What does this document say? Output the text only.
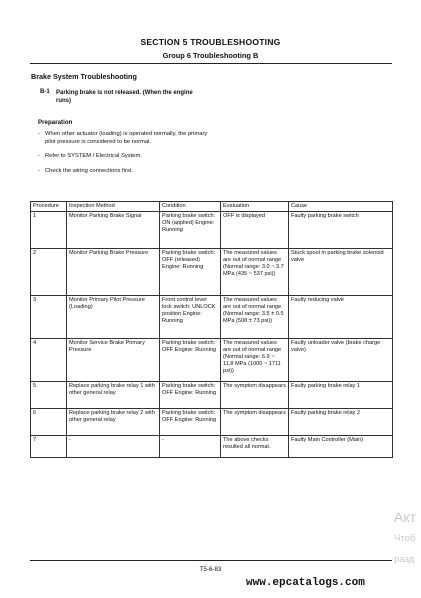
SECTION 5 TROUBLESHOOTING
Group 6 Troubleshooting B
Brake System Troubleshooting
B-1 Parking brake is not released. (When the engine runs)
Preparation
- When other actuator (loading) is operated normally, the primary pilot pressure is considered to be normal.
- Refer to SYSTEM / Electrical System.
- Check the wiring connections first.
Procedure	Inspection Method	Condition	Evaluation	Cause
1	Monitor Parking Brake Signal	Parking brake switch: ON (applied) Engine: Running	OFF is displayed	Faulty parking brake switch
2	Monitor Parking Brake Pressure	Parking brake switch: OFF (released) Engine: Running	The measured values are out of normal range (Normal range: 3.0 ~ 3.7 MPa (435 ~ 537 psi))	Stuck spool in parking brake solenoid valve
3	Monitor Primary Pilot Pressure (Loading)	Front control lever lock switch: UNLOCK position Engine: Running	The measured values are out of normal range (Normal range: 3.5 ± 0.5 MPa (508 ± 73 psi))	Faulty reducing valve
4	Monitor Service Brake Primary Pressure	Parking brake switch: OFF Engine: Running	The measured values are out of normal range (Normal range: 6.9 ~ 11.8 MPa (1000 ~ 1711 psi))	Faulty unloader valve (brake charge valve)
5	Replace parking brake relay 1 with other general relay	Parking brake switch: OFF Engine: Running	The symptom disappears	Faulty parking brake relay 1
6	Replace parking brake relay 2 with other general relay	Parking brake switch: OFF Engine: Running	The symptom disappears	Faulty parking brake relay 2
7	-	-	The above checks resulted all normal.	Faulty Main Controller (Main)
T5-6-83
www.epcatalogs.com
Акт
Чтоб
разд
